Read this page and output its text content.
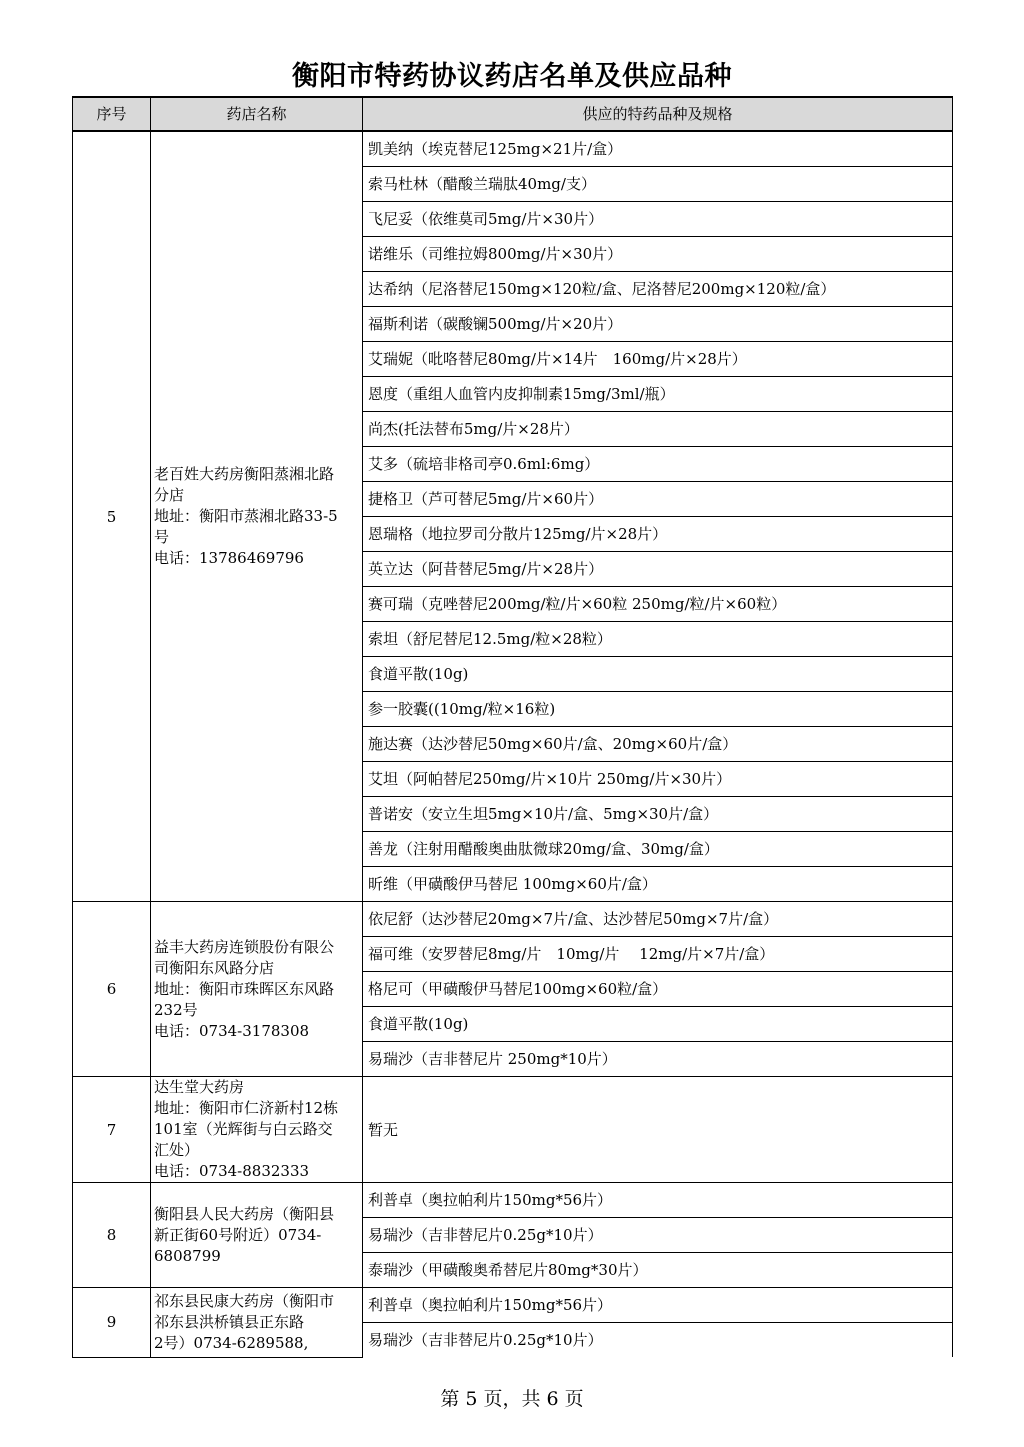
衡阳市特药协议药店名单及供应品种
序号	药店名称	供应的特药品种及规格
5	老百姓大药房衡阳蒸湘北路
分店
地址：衡阳市蒸湘北路33-5
号
电话：13786469796	凯美纳（埃克替尼125mg×21片/盒）
		索马杜林（醋酸兰瑞肽40mg/支）
		飞尼妥（依维莫司5mg/片×30片）
		诺维乐（司维拉姆800mg/片×30片）
		达希纳（尼洛替尼150mg×120粒/盒、尼洛替尼200mg×120粒/盒）
		福斯利诺（碳酸镧500mg/片×20片）
		艾瑞妮（吡咯替尼80mg/片×14片　160mg/片×28片）
		恩度（重组人血管内皮抑制素15mg/3ml/瓶）
		尚杰(托法替布5mg/片×28片）
		艾多（硫培非格司亭0.6ml:6mg）
		捷格卫（芦可替尼5mg/片×60片）
		恩瑞格（地拉罗司分散片125mg/片×28片）
		英立达（阿昔替尼5mg/片×28片）
		赛可瑞（克唑替尼200mg/粒/片×60粒 250mg/粒/片×60粒）
		索坦（舒尼替尼12.5mg/粒×28粒）
		食道平散(10g)
		参一胶囊((10mg/粒×16粒)
		施达赛（达沙替尼50mg×60片/盒、20mg×60片/盒）
		艾坦（阿帕替尼250mg/片×10片 250mg/片×30片）
		普诺安（安立生坦5mg×10片/盒、5mg×30片/盒）
		善龙（注射用醋酸奥曲肽微球20mg/盒、30mg/盒）
		昕维（甲磺酸伊马替尼 100mg×60片/盒）
6	益丰大药房连锁股份有限公
司衡阳东风路分店
地址：衡阳市珠晖区东风路
232号
电话：0734-3178308	依尼舒（达沙替尼20mg×7片/盒、达沙替尼50mg×7片/盒）
		福可维（安罗替尼8mg/片　10mg/片　 12mg/片×7片/盒）
		格尼可（甲磺酸伊马替尼100mg×60粒/盒）
		食道平散(10g)
		易瑞沙（吉非替尼片 250mg*10片）
7	达生堂大药房
地址：衡阳市仁济新村12栋
101室（光辉街与白云路交
汇处）
电话：0734-8832333	暂无
8	衡阳县人民大药房（衡阳县
新正街60号附近）0734-
6808799	利普卓（奥拉帕利片150mg*56片）
		易瑞沙（吉非替尼片0.25g*10片）
		泰瑞沙（甲磺酸奥希替尼片80mg*30片）
9	祁东县民康大药房（衡阳市
祁东县洪桥镇县正东路
2号）0734-6289588,	利普卓（奥拉帕利片150mg*56片）
		易瑞沙（吉非替尼片0.25g*10片）
第 5 页，共 6 页
